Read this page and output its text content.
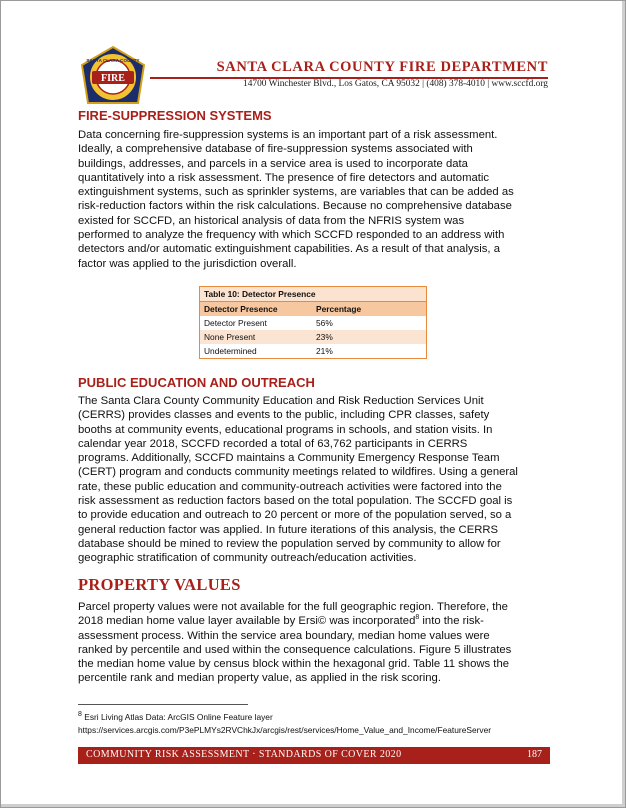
FIRE
SANTA CLARA COUNTY	SANTA CLARA COUNTY FIRE DEPARTMENT
14700 Winchester Blvd., Los Gatos, CA 95032 | (408) 378-4010 | www.sccfd.org
FIRE-SUPPRESSION SYSTEMS
Data concerning fire-suppression systems is an important part of a risk assessment.
Ideally, a comprehensive database of fire-suppression systems associated with
buildings, addresses, and parcels in a service area is used to incorporate data
quantitatively into a risk assessment. The presence of fire detectors and automatic
extinguishment systems, such as sprinkler systems, are variables that can be added as
risk-reduction factors within the risk calculations. Because no comprehensive database
existed for SCCFD, an historical analysis of data from the NFRIS system was
performed to analyze the frequency with which SCCFD responded to an address with
detectors and/or automatic extinguishment capabilities. As a result of that analysis, a
factor was applied to the jurisdiction overall.
Table 10: Detector Presence
Detector Presence	Percentage
Detector Present	56%
None Present	23%
Undetermined	21%
PUBLIC EDUCATION AND OUTREACH
The Santa Clara County Community Education and Risk Reduction Services Unit
(CERRS) provides classes and events to the public, including CPR classes, safety
booths at community events, educational programs in schools, and station visits. In
calendar year 2018, SCCFD recorded a total of 63,762 participants in CERRS
programs. Additionally, SCCFD maintains a Community Emergency Response Team
(CERT) program and conducts community meetings related to wildfires. Using a general
rate, these public education and community-outreach activities were factored into the
risk assessment as reduction factors based on the total population. The SCCFD goal is
to provide education and outreach to 20 percent or more of the population served, so a
general reduction factor was applied. In future iterations of this analysis, the CERRS
database should be mined to review the population served by community to allow for
geographic stratification of community outreach/education activities.
PROPERTY VALUES
Parcel property values were not available for the full geographic region. Therefore, the
2018 median home value layer available by Ersi© was incorporated$^8$ into the risk-
assessment process. Within the service area boundary, median home values were
ranked by percentile and used within the consequence calculations. Figure 5 illustrates
the median home value by census block within the hexagonal grid. Table 11 shows the
percentile rank and median property value, as applied in the risk scoring.
$^8$ Esri Living Atlas Data: ArcGIS Online Feature layer
https://services.arcgis.com/P3ePLMYs2RVChkJx/arcgis/rest/services/Home_Value_and_Income/FeatureServer
COMMUNITY RISK ASSESSMENT · STANDARDS OF COVER 2020	187
